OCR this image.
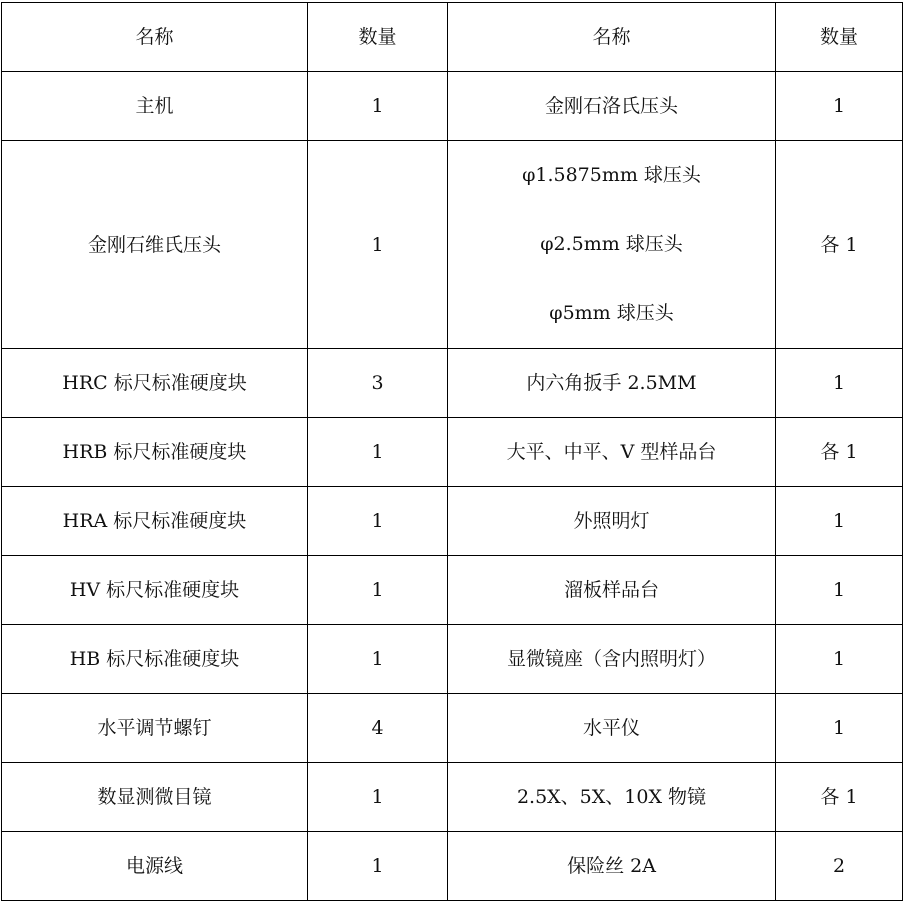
名称	数量	名称	数量
主机	1	金刚石洛氏压头	1
金刚石维氏压头	1	φ1.5875mm 球压头
φ2.5mm 球压头
φ5mm 球压头	各 1
HRC 标尺标准硬度块	3	内六角扳手 2.5MM	1
HRB 标尺标准硬度块	1	大平、中平、V 型样品台	各 1
HRA 标尺标准硬度块	1	外照明灯	1
HV 标尺标准硬度块	1	溜板样品台	1
HB 标尺标准硬度块	1	显微镜座（含内照明灯）	1
水平调节螺钉	4	水平仪	1
数显测微目镜	1	2.5X、5X、10X 物镜	各 1
电源线	1	保险丝 2A	2
